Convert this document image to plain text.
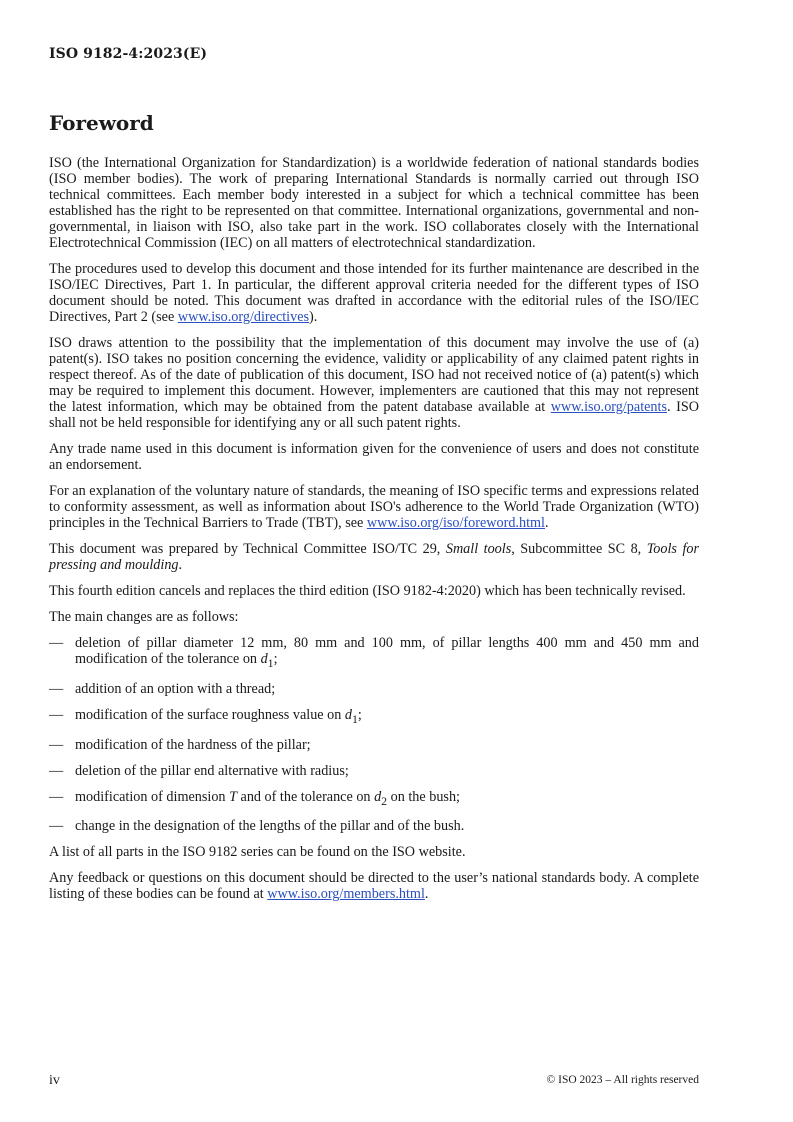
ISO 9182-4:2023(E)
Foreword

ISO (the International Organization for Standardization) is a worldwide federation of national standards bodies (ISO member bodies). The work of preparing International Standards is normally carried out through ISO technical committees. Each member body interested in a subject for which a technical committee has been established has the right to be represented on that committee. International organizations, governmental and non-governmental, in liaison with ISO, also take part in the work. ISO collaborates closely with the International Electrotechnical Commission (IEC) on all matters of electrotechnical standardization.

The procedures used to develop this document and those intended for its further maintenance are described in the ISO/IEC Directives, Part 1. In particular, the different approval criteria needed for the different types of ISO document should be noted. This document was drafted in accordance with the editorial rules of the ISO/IEC Directives, Part 2 (see www.iso.org/directives).

ISO draws attention to the possibility that the implementation of this document may involve the use of (a) patent(s). ISO takes no position concerning the evidence, validity or applicability of any claimed patent rights in respect thereof. As of the date of publication of this document, ISO had not received notice of (a) patent(s) which may be required to implement this document. However, implementers are cautioned that this may not represent the latest information, which may be obtained from the patent database available at www.iso.org/patents. ISO shall not be held responsible for identifying any or all such patent rights.

Any trade name used in this document is information given for the convenience of users and does not constitute an endorsement.

For an explanation of the voluntary nature of standards, the meaning of ISO specific terms and expressions related to conformity assessment, as well as information about ISO's adherence to the World Trade Organization (WTO) principles in the Technical Barriers to Trade (TBT), see www.iso.org/iso/foreword.html.

This document was prepared by Technical Committee ISO/TC 29, Small tools, Subcommittee SC 8, Tools for pressing and moulding.

This fourth edition cancels and replaces the third edition (ISO 9182-4:2020) which has been technically revised.

The main changes are as follows:

— deletion of pillar diameter 12 mm, 80 mm and 100 mm, of pillar lengths 400 mm and 450 mm and modification of the tolerance on $d_1$;
— addition of an option with a thread;
— modification of the surface roughness value on $d_1$;
— modification of the hardness of the pillar;
— deletion of the pillar end alternative with radius;
— modification of dimension T and of the tolerance on $d_2$ on the bush;
— change in the designation of the lengths of the pillar and of the bush.

A list of all parts in the ISO 9182 series can be found on the ISO website.

Any feedback or questions on this document should be directed to the user’s national standards body. A complete listing of these bodies can be found at www.iso.org/members.html.

iv	© ISO 2023 – All rights reserved
